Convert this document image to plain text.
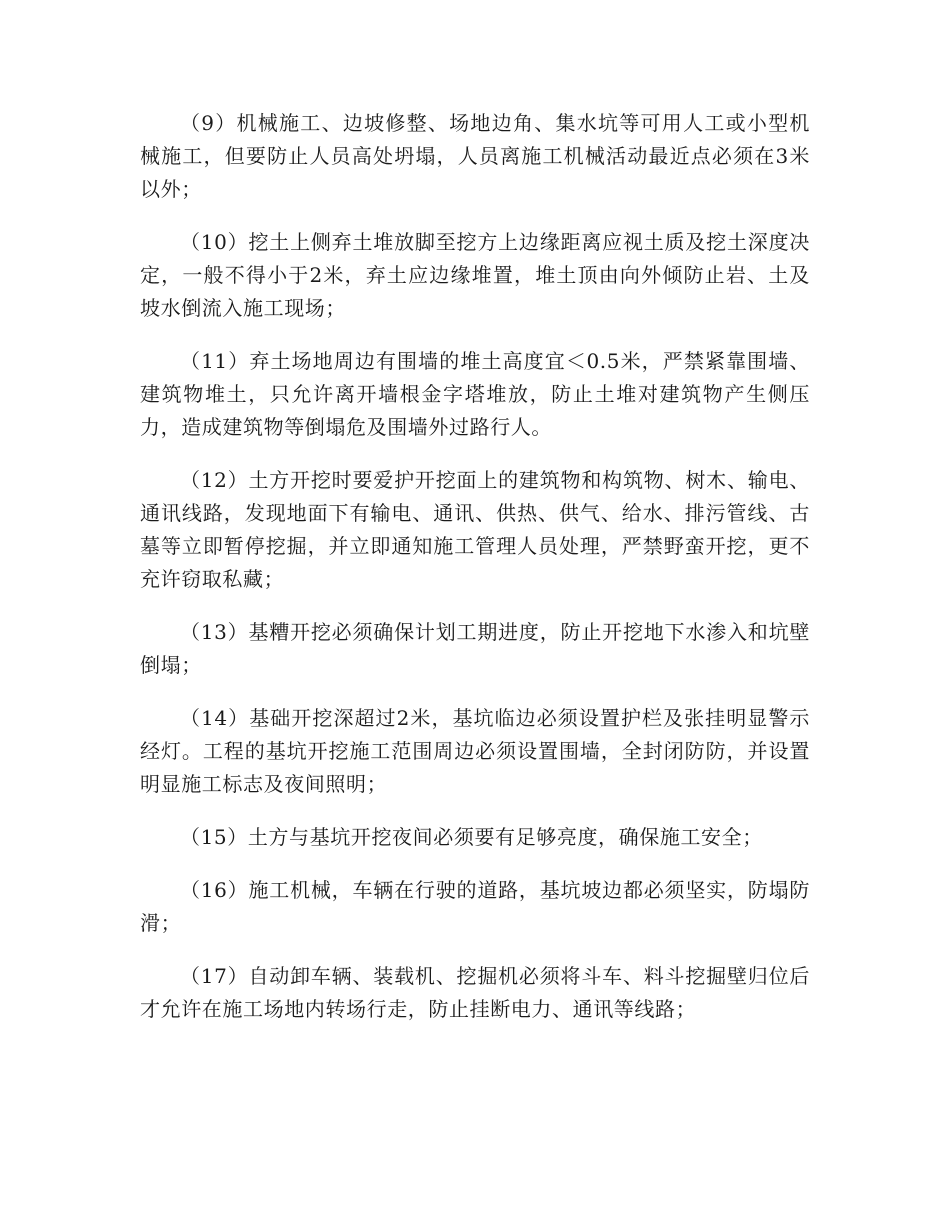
（9）机械施工、边坡修整、场地边角、集水坑等可用人工或小型机械施工，但要防止人员高处坍塌，人员离施工机械活动最近点必须在3米以外；

（10）挖土上侧弃土堆放脚至挖方上边缘距离应视土质及挖土深度决定，一般不得小于2米，弃土应边缘堆置，堆土顶由向外倾防止岩、土及坡水倒流入施工现场；

（11）弃土场地周边有围墙的堆土高度宜＜0.5米，严禁紧靠围墙、建筑物堆土，只允许离开墙根金字塔堆放，防止土堆对建筑物产生侧压力，造成建筑物等倒塌危及围墙外过路行人。

（12）土方开挖时要爱护开挖面上的建筑物和构筑物、树木、输电、通讯线路，发现地面下有输电、通讯、供热、供气、给水、排污管线、古墓等立即暂停挖掘，并立即通知施工管理人员处理，严禁野蛮开挖，更不充许窃取私藏；

（13）基糟开挖必须确保计划工期进度，防止开挖地下水渗入和坑壁倒塌；

（14）基础开挖深超过2米，基坑临边必须设置护栏及张挂明显警示经灯。工程的基坑开挖施工范围周边必须设置围墙，全封闭防防，并设置明显施工标志及夜间照明；

（15）土方与基坑开挖夜间必须要有足够亮度，确保施工安全；

（16）施工机械，车辆在行驶的道路，基坑坡边都必须坚实，防塌防滑；

（17）自动卸车辆、装载机、挖掘机必须将斗车、料斗挖掘壁归位后才允许在施工场地内转场行走，防止挂断电力、通讯等线路；
